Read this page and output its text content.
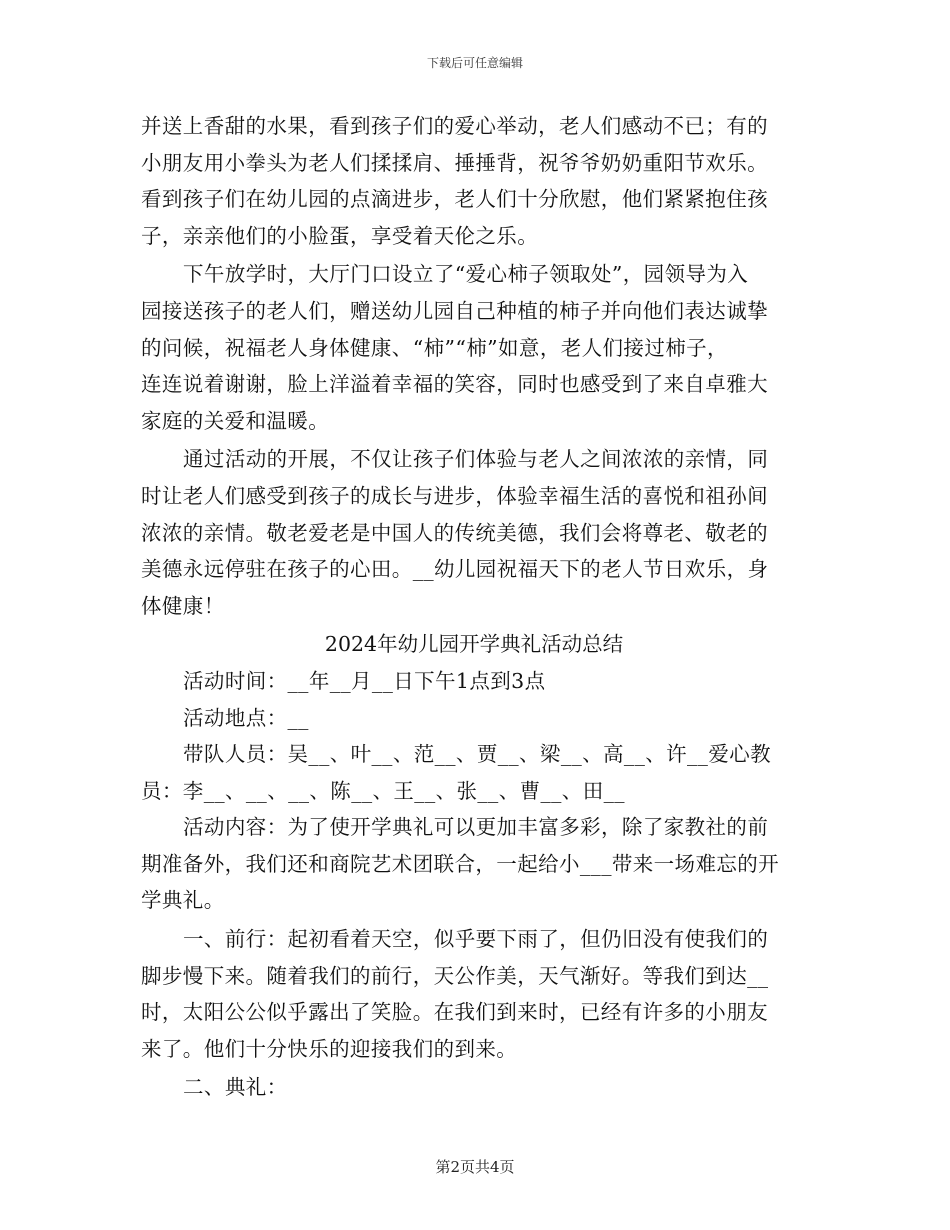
下载后可任意编辑

并送上香甜的水果，看到孩子们的爱心举动，老人们感动不已；有的
小朋友用小拳头为老人们揉揉肩、捶捶背，祝爷爷奶奶重阳节欢乐。
看到孩子们在幼儿园的点滴进步，老人们十分欣慰，他们紧紧抱住孩
子，亲亲他们的小脸蛋，享受着天伦之乐。

下午放学时，大厅门口设立了“爱心柿子领取处”，园领导为入
园接送孩子的老人们，赠送幼儿园自己种植的柿子并向他们表达诚挚
的问候，祝福老人身体健康、“柿”“柿”如意，老人们接过柿子，
连连说着谢谢，脸上洋溢着幸福的笑容，同时也感受到了来自卓雅大
家庭的关爱和温暖。

通过活动的开展，不仅让孩子们体验与老人之间浓浓的亲情，同
时让老人们感受到孩子的成长与进步，体验幸福生活的喜悦和祖孙间
浓浓的亲情。敬老爱老是中国人的传统美德，我们会将尊老、敬老的
美德永远停驻在孩子的心田。__幼儿园祝福天下的老人节日欢乐，身
体健康！

2024年幼儿园开学典礼活动总结

活动时间：__年__月__日下午1点到3点

活动地点：__

带队人员：吴__、叶__、范__、贾__、梁__、高__、许__爱心教
员：李__、__、__、陈__、王__、张__、曹__、田__

活动内容：为了使开学典礼可以更加丰富多彩，除了家教社的前
期准备外，我们还和商院艺术团联合，一起给小___带来一场难忘的开
学典礼。

一、前行：起初看着天空，似乎要下雨了，但仍旧没有使我们的
脚步慢下来。随着我们的前行，天公作美，天气渐好。等我们到达__
时，太阳公公似乎露出了笑脸。在我们到来时，已经有许多的小朋友
来了。他们十分快乐的迎接我们的到来。

二、典礼：

第2页共4页
